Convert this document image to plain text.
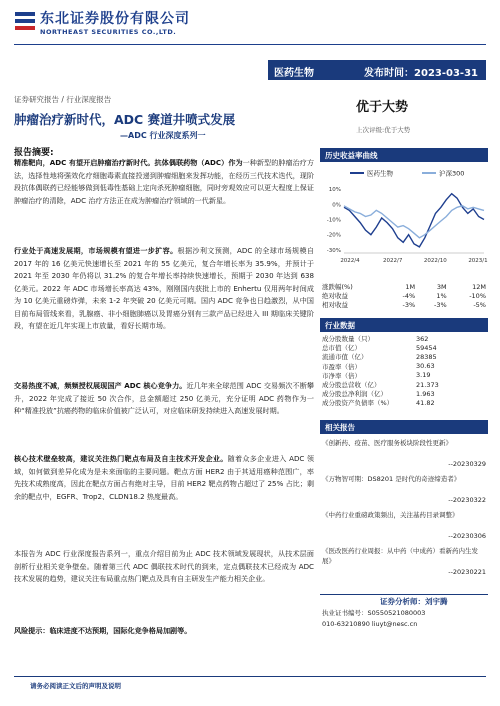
东北证券股份有限公司
NORTHEAST SECURITIES CO.,LTD.
医药生物	发布时间：2023-03-31
证券研究报告 / 行业深度报告
肿瘤治疗新时代，ADC 赛道井喷式发展
—ADC 行业深度系列一
优于大势
上次评级:优于大势
报告摘要:
精准靶向，ADC 有望开启肿瘤治疗新时代。抗体偶联药物（ADC）作为一种新型的肿瘤治疗方法，选择性地将强效化疗细胞毒素直接投递到肿瘤细胞来发挥功能，在经历三代技术迭代，现阶段抗体偶联药已经能够做到低毒性基础上定向杀死肿瘤细胞，同时旁观效应可以更大程度上保证肿瘤治疗的清除，ADC 治疗方法正在成为肿瘤治疗领域的一代新星。
行业处于高速发展期，市场规模有望进一步扩容。根据沙利文预测，ADC 的全球市场规模自 2017 年的 16 亿美元快速增长至 2021 年的 55 亿美元，复合年增长率为 35.9%，并预计于 2021 年至 2030 年仍将以 31.2% 的复合年增长率持续快速增长，预期于 2030 年达到 638 亿美元。2022 年 ADC 市场增长率高达 43%，刚刚国内获批上市的 Enhertu 仅用两年时间成为 10 亿美元重磅炸弹，未来 1-2 年突破 20 亿美元可期。国内 ADC 竞争也日趋激烈，从中国目前布局管线来看，乳腺癌、非小细胞肺癌以及胃癌分别有三款产品已经进入 III 期临床关键阶段，有望在近几年实现上市放量，看好长期市场。
交易热度不减，频频授权展现国产 ADC 核心竞争力。近几年来全球范围 ADC 交易频次不断攀升，2022 年完成了接近 50 次合作，总金额超过 250 亿美元，充分证明 ADC 药物作为一种“精准投放”抗癌药物的临床价值被广泛认可，对应临床研发持续进入高速发展时期。
核心技术壁垒较高，建议关注热门靶点布局及自主技术开发企业。随着众多企业进入 ADC 领域，如何做到差异化成为是未来面临的主要问题。靶点方面 HER2 由于其适用癌种范围广，率先技术成熟度高，因此在靶点方面占有绝对主导，目前 HER2 靶点药物占超过了 25% 占比；剩余的靶点中，EGFR、Trop2、CLDN18.2 热度最高。
本报告为 ADC 行业深度报告系列一，重点介绍目前为止 ADC 技术领域发展现状，从技术层面剖析行业相关竞争壁垒。随着第三代 ADC 偶联技术时代的到来，定点偶联技术已经成为 ADC 技术发展的趋势，建议关注布局重点热门靶点及具有自主研发生产能力相关企业。
风险提示：临床进度不达预期，国际化竞争格局加剧等。
历史收益率曲线
医药生物	沪深300
10%
0%
-10%
-20%
-30%
2022/4	2022/7	2022/10	2023/1
涨跌幅(%)	1M	3M	12M
绝对收益	-4%	1%	-10%
相对收益	-3%	-3%	-5%
行业数据
成分股数量（只）	362
总市值（亿）	59454
流通市值（亿）	28385
市盈率（倍）	30.63
市净率（倍）	3.19
成分股总营收（亿）	21.373
成分股总净利润（亿）	1.963
成分股资产负债率（%）	41.82
相关报告
《创新药、疫苗、医疗服务板块阶段性更新》
--20230329
《万物智可期：DS8201 是时代的奇迹缔造者》
--20230322
《中药行业重磅政策频出，关注基药目录调整》
--20230306
《医改医药行业周报：从中药（中成药）看新药内生发展》
--20230221
证券分析师：刘宇腾
执业证书编号：S0550521080003
010-63210890 liuyt@nesc.cn
请务必阅读正文后的声明及说明
